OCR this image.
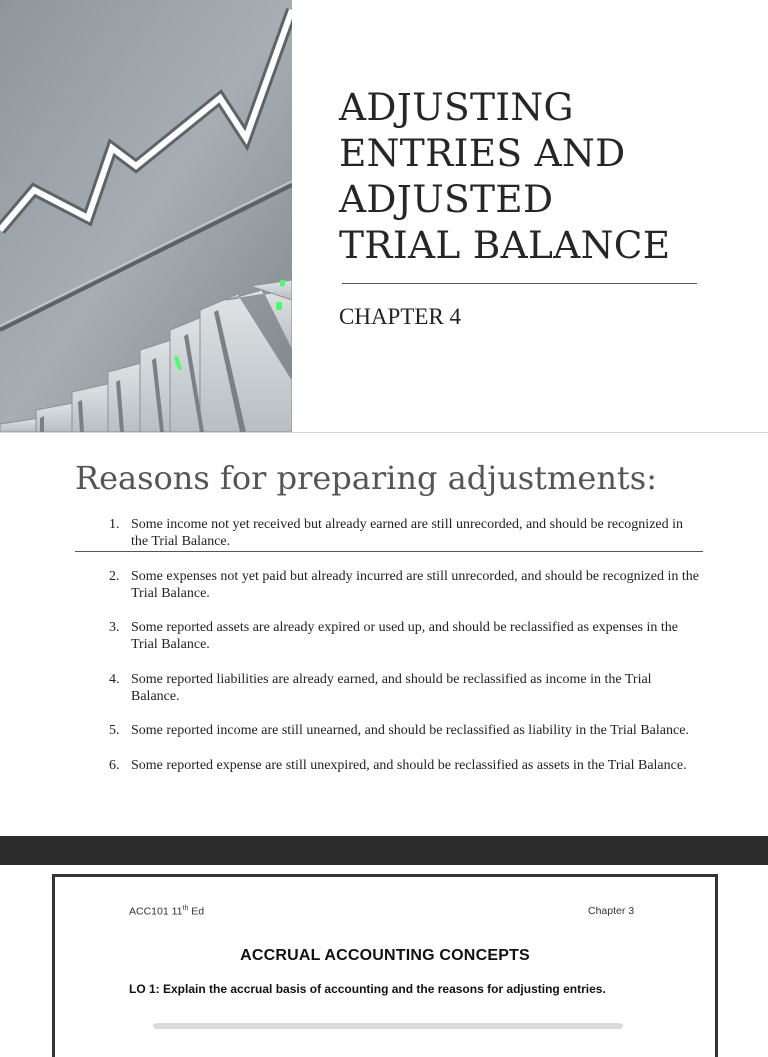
ADJUSTING
ENTRIES AND
ADJUSTED
TRIAL BALANCE
CHAPTER 4
Reasons for preparing adjustments:
1. Some income not yet received but already earned are still unrecorded, and should be recognized in the Trial Balance.
2. Some expenses not yet paid but already incurred are still unrecorded, and should be recognized in the Trial Balance.
3. Some reported assets are already expired or used up, and should be reclassified as expenses in the Trial Balance.
4. Some reported liabilities are already earned, and should be reclassified as income in the Trial Balance.
5. Some reported income are still unearned, and should be reclassified as liability in the Trial Balance.
6. Some reported expense are still unexpired, and should be reclassified as assets in the Trial Balance.
ACC101 11th Ed	Chapter 3
ACCRUAL ACCOUNTING CONCEPTS
LO 1: Explain the accrual basis of accounting and the reasons for adjusting entries.
